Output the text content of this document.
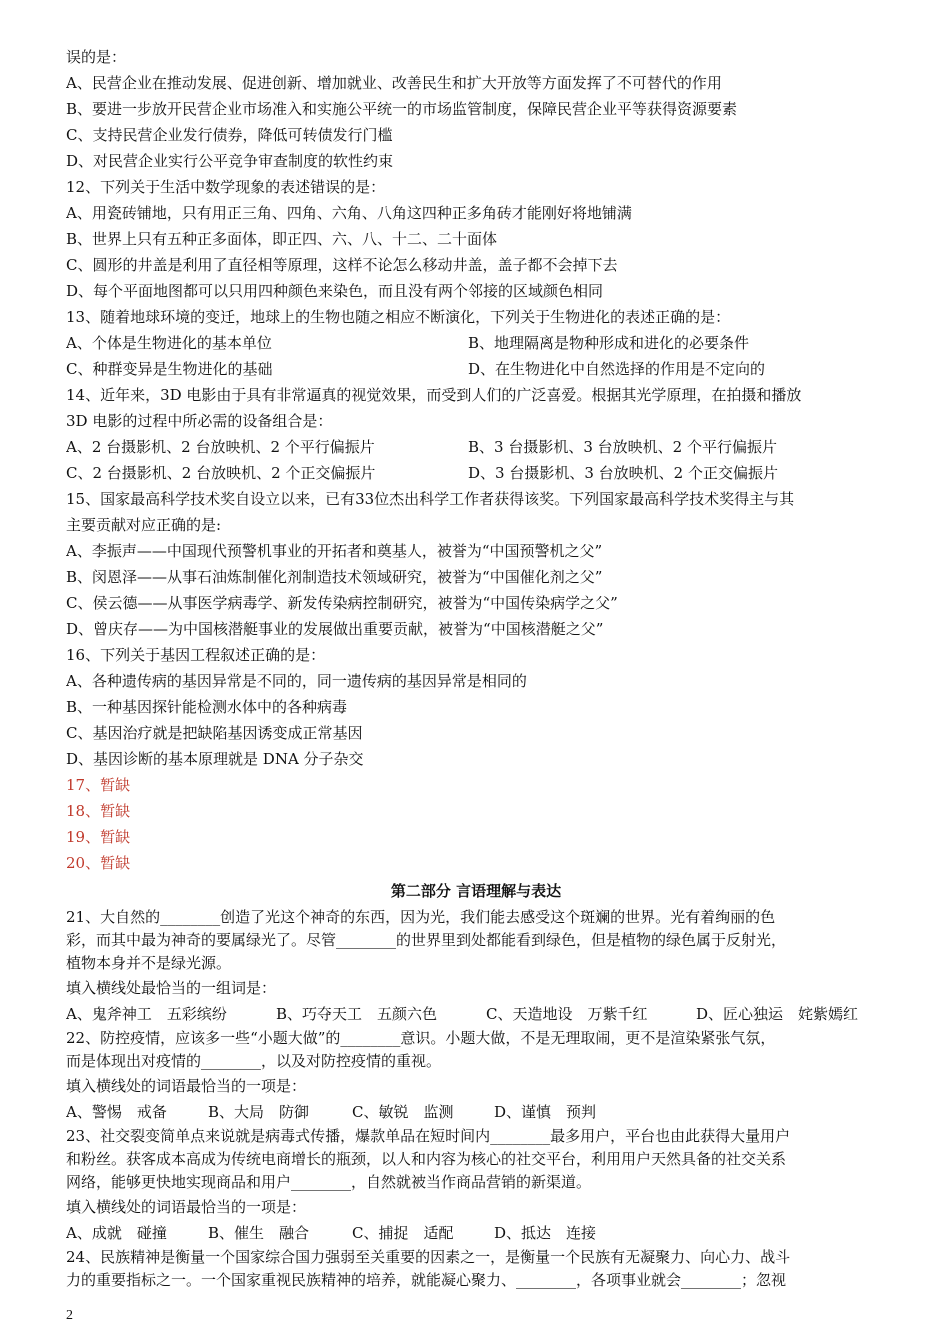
误的是：
A、民营企业在推动发展、促进创新、增加就业、改善民生和扩大开放等方面发挥了不可替代的作用
B、要进一步放开民营企业市场准入和实施公平统一的市场监管制度，保障民营企业平等获得资源要素
C、支持民营企业发行债券，降低可转债发行门槛
D、对民营企业实行公平竞争审查制度的软性约束
12、下列关于生活中数学现象的表述错误的是：
A、用瓷砖铺地，只有用正三角、四角、六角、八角这四种正多角砖才能刚好将地铺满
B、世界上只有五种正多面体，即正四、六、八、十二、二十面体
C、圆形的井盖是利用了直径相等原理，这样不论怎么移动井盖，盖子都不会掉下去
D、每个平面地图都可以只用四种颜色来染色，而且没有两个邻接的区域颜色相同
13、随着地球环境的变迁，地球上的生物也随之相应不断演化，下列关于生物进化的表述正确的是：
A、个体是生物进化的基本单位	B、地理隔离是物种形成和进化的必要条件
C、种群变异是生物进化的基础	D、在生物进化中自然选择的作用是不定向的
14、近年来，3D 电影由于具有非常逼真的视觉效果，而受到人们的广泛喜爱。根据其光学原理，在拍摄和播放
3D 电影的过程中所必需的设备组合是：
A、2 台摄影机、2 台放映机、2 个平行偏振片	B、3 台摄影机、3 台放映机、2 个平行偏振片
C、2 台摄影机、2 台放映机、2 个正交偏振片	D、3 台摄影机、3 台放映机、2 个正交偏振片
15、国家最高科学技术奖自设立以来，已有33位杰出科学工作者获得该奖。下列国家最高科学技术奖得主与其
主要贡献对应正确的是:
A、李振声——中国现代预警机事业的开拓者和奠基人，被誉为“中国预警机之父”
B、闵恩泽——从事石油炼制催化剂制造技术领域研究，被誉为“中国催化剂之父”
C、侯云德——从事医学病毒学、新发传染病控制研究，被誉为“中国传染病学之父”
D、曾庆存——为中国核潜艇事业的发展做出重要贡献，被誉为“中国核潜艇之父”
16、下列关于基因工程叙述正确的是：
A、各种遗传病的基因异常是不同的，同一遗传病的基因异常是相同的
B、一种基因探针能检测水体中的各种病毒
C、基因治疗就是把缺陷基因诱变成正常基因
D、基因诊断的基本原理就是 DNA 分子杂交
17、暂缺
18、暂缺
19、暂缺
20、暂缺
第二部分 言语理解与表达
21、大自然的________创造了光这个神奇的东西，因为光，我们能去感受这个斑斓的世界。光有着绚丽的色
彩，而其中最为神奇的要属绿光了。尽管________的世界里到处都能看到绿色，但是植物的绿色属于反射光，
植物本身并不是绿光源。
填入横线处最恰当的一组词是：
A、鬼斧神工　五彩缤纷	B、巧夺天工　五颜六色	C、天造地设　万紫千红	D、匠心独运　姹紫嫣红
22、防控疫情，应该多一些“小题大做”的________意识。小题大做，不是无理取闹，更不是渲染紧张气氛，
而是体现出对疫情的________，以及对防控疫情的重视。
填入横线处的词语最恰当的一项是：
A、警惕　戒备	B、大局　防御	C、敏锐　监测	D、谨慎　预判
23、社交裂变简单点来说就是病毒式传播，爆款单品在短时间内________最多用户，平台也由此获得大量用户
和粉丝。获客成本高成为传统电商增长的瓶颈，以人和内容为核心的社交平台，利用用户天然具备的社交关系
网络，能够更快地实现商品和用户________，自然就被当作商品营销的新渠道。
填入横线处的词语最恰当的一项是：
A、成就　碰撞	B、催生　融合	C、捕捉　适配	D、抵达　连接
24、民族精神是衡量一个国家综合国力强弱至关重要的因素之一，是衡量一个民族有无凝聚力、向心力、战斗
力的重要指标之一。一个国家重视民族精神的培养，就能凝心聚力、________，各项事业就会________；忽视
2
